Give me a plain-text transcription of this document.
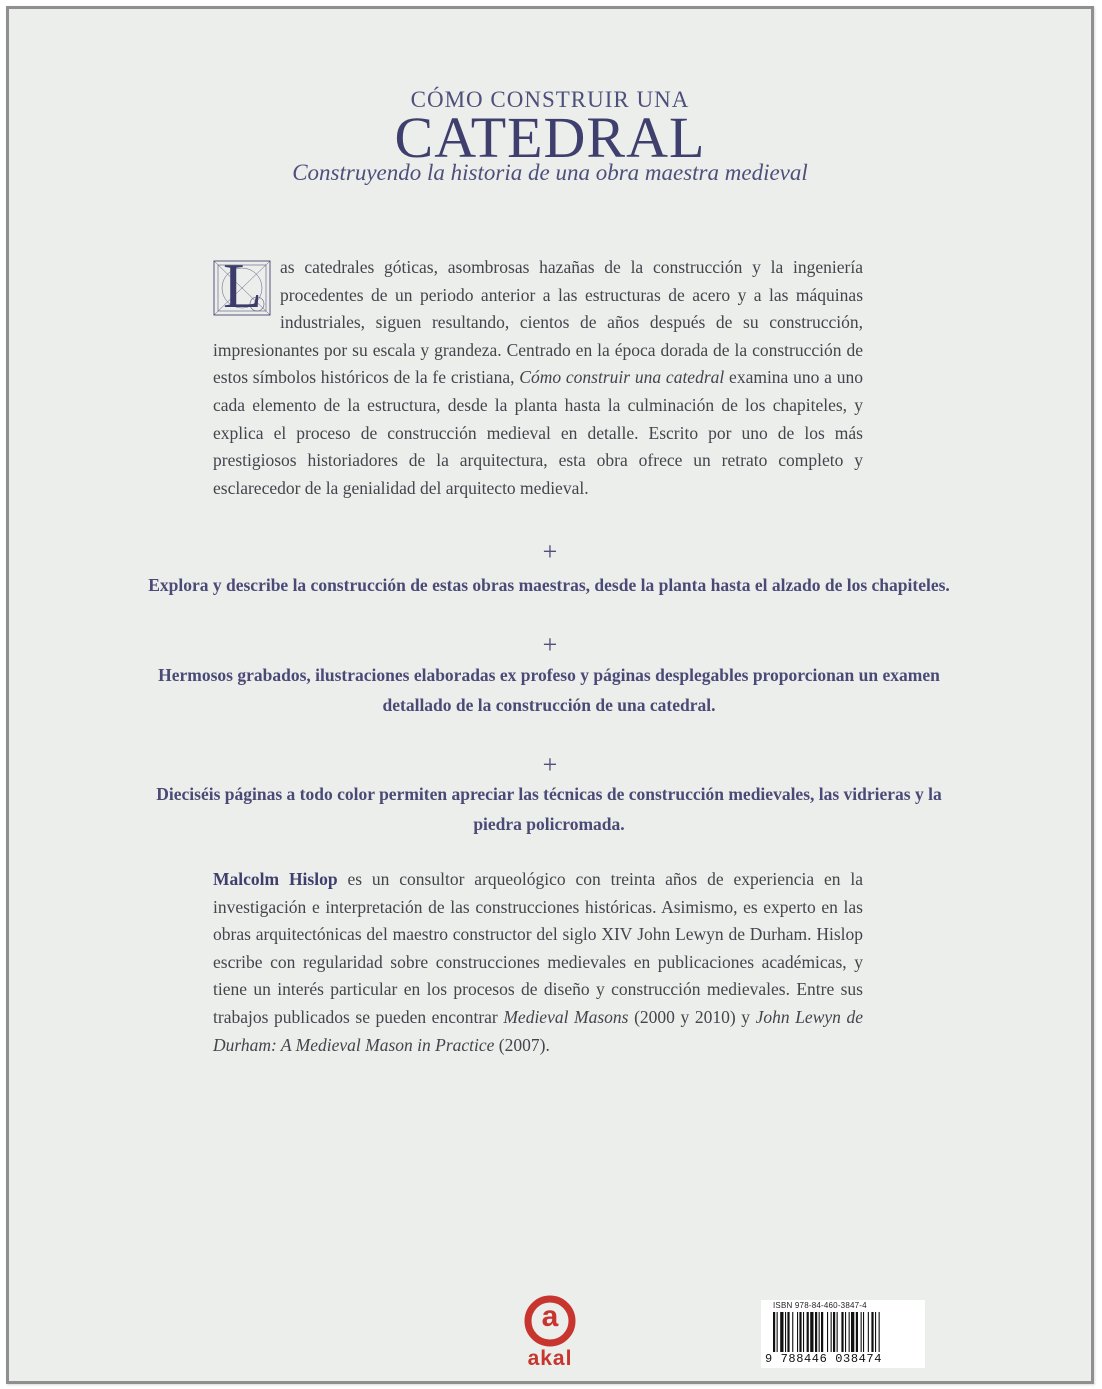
CÓMO CONSTRUIR UNA
CATEDRAL
Construyendo la historia de una obra maestra medieval

L as catedrales góticas, asombrosas hazañas de la construcción y la ingeniería procedentes de un periodo anterior a las estructuras de acero y a las máquinas industriales, siguen resultando, cientos de años después de su construcción, impresionantes por su escala y grandeza. Centrado en la época dorada de la construcción de estos símbolos históricos de la fe cristiana, Cómo construir una catedral examina uno a uno cada elemento de la estructura, desde la planta hasta la culminación de los chapiteles, y explica el proceso de construcción medieval en detalle. Escrito por uno de los más prestigiosos historiadores de la arquitectura, esta obra ofrece un retrato completo y esclarecedor de la genialidad del arquitecto medieval.

+

Explora y describe la construcción de estas obras maestras, desde la planta hasta el alzado de los chapiteles.

+

Hermosos grabados, ilustraciones elaboradas ex profeso y páginas desplegables proporcionan un examen detallado de la construcción de una catedral.

+

Dieciséis páginas a todo color permiten apreciar las técnicas de construcción medievales, las vidrieras y la piedra policromada.

Malcolm Hislop es un consultor arqueológico con treinta años de experiencia en la investigación e interpretación de las construcciones históricas. Asimismo, es experto en las obras arquitectónicas del maestro constructor del siglo XIV John Lewyn de Durham. Hislop escribe con regularidad sobre construcciones medievales en publicaciones académicas, y tiene un interés particular en los procesos de diseño y construcción medievales. Entre sus trabajos publicados se pueden encontrar Medieval Masons (2000 y 2010) y John Lewyn de Durham: A Medieval Mason in Practice (2007).

a
akal
ISBN 978-84-460-3847-4
9 788446 038474
